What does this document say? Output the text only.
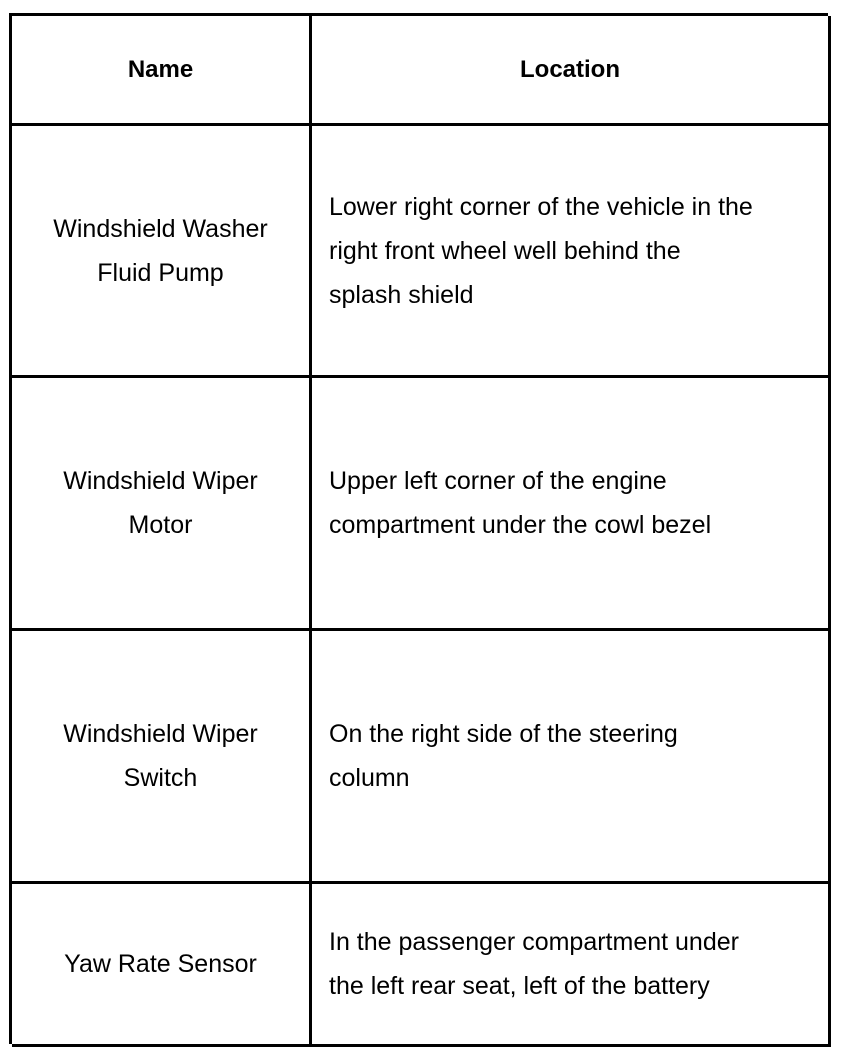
Name	Location
Windshield Washer Fluid Pump
Lower right corner of the vehicle in the right front wheel well behind the splash shield
Windshield Wiper Motor
Upper left corner of the engine compartment under the cowl bezel
Windshield Wiper Switch
On the right side of the steering column
Yaw Rate Sensor
In the passenger compartment under the left rear seat, left of the battery
